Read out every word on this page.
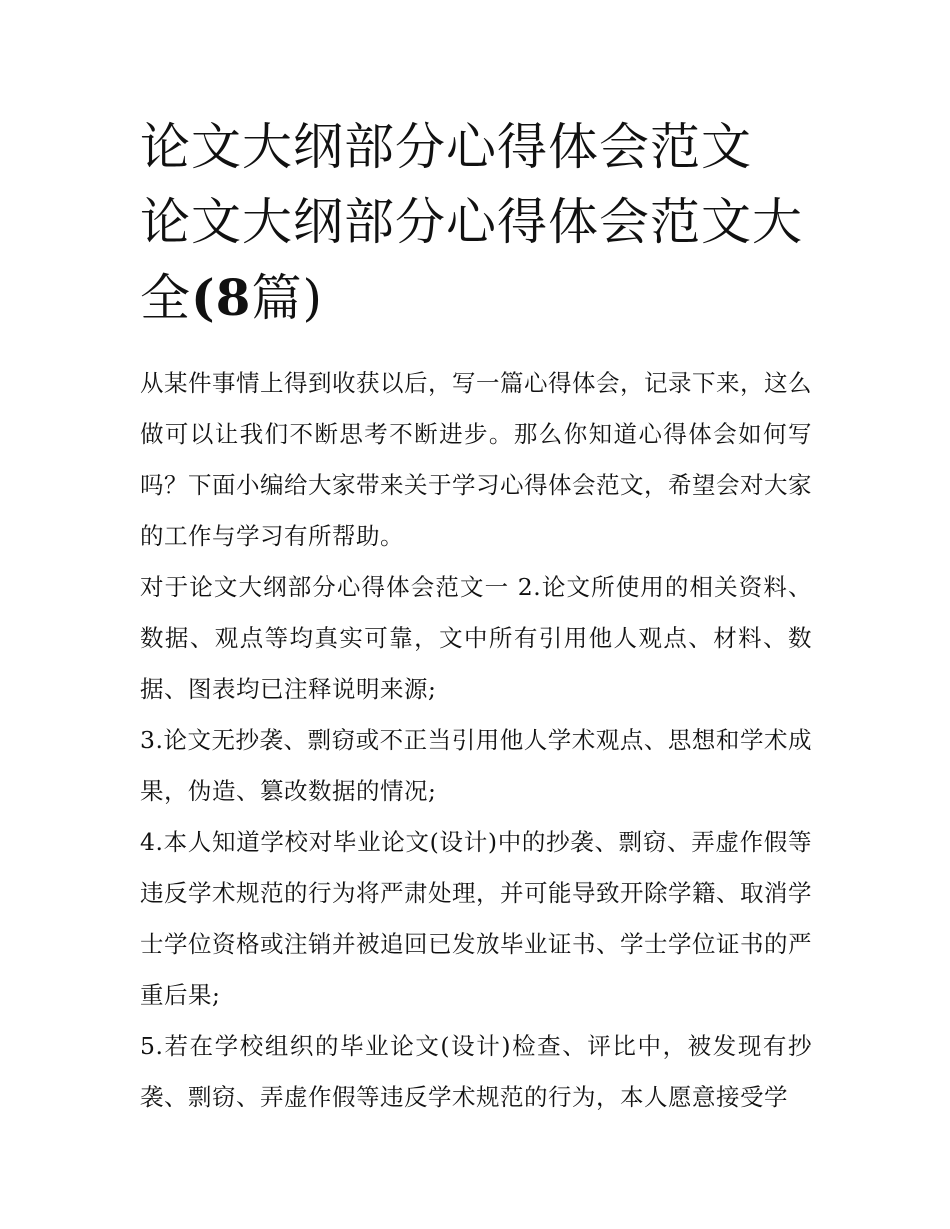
论文大纲部分心得体会范文 论文大纲部分心得体会范文大全(8篇)

从某件事情上得到收获以后，写一篇心得体会，记录下来，这么做可以让我们不断思考不断进步。那么你知道心得体会如何写吗？下面小编给大家带来关于学习心得体会范文，希望会对大家的工作与学习有所帮助。

对于论文大纲部分心得体会范文一 2.论文所使用的相关资料、数据、观点等均真实可靠，文中所有引用他人观点、材料、数据、图表均已注释说明来源;

3.论文无抄袭、剽窃或不正当引用他人学术观点、思想和学术成果，伪造、篡改数据的情况;

4.本人知道学校对毕业论文(设计)中的抄袭、剽窃、弄虚作假等违反学术规范的行为将严肃处理，并可能导致开除学籍、取消学士学位资格或注销并被追回已发放毕业证书、学士学位证书的严重后果;

5.若在学校组织的毕业论文(设计)检查、评比中，被发现有抄袭、剽窃、弄虚作假等违反学术规范的行为，本人愿意接受学
